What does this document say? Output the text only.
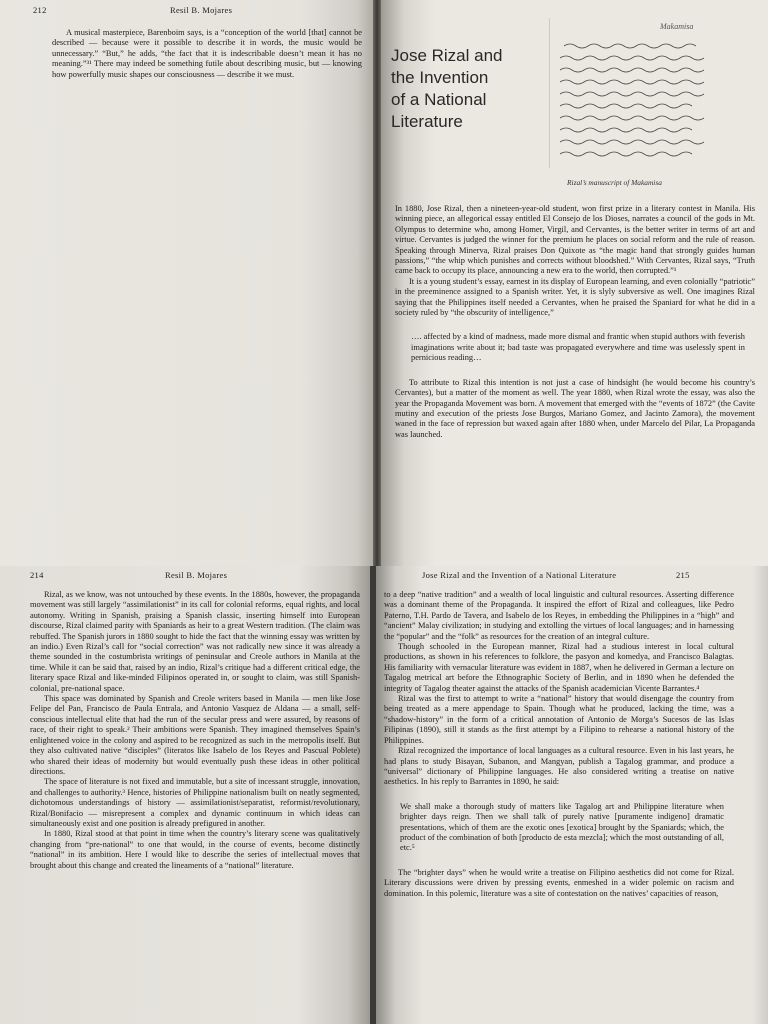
212	Resil B. Mojares

A musical masterpiece, Barenboim says, is a “conception of the world [that] cannot be described — because were it possible to describe it in words, the music would be unnecessary.” “But,” he adds, “the fact that it is indescribable doesn’t mean it has no meaning.”³¹ There may indeed be something futile about describing music, but — knowing how powerfully music shapes our consciousness — describe it we must.

Jose Rizal and
the Invention
of a National
Literature
Makamisa
Rizal’s manuscript of Makamisa

In 1880, Jose Rizal, then a nineteen-year-old student, won first prize in a literary contest in Manila. His winning piece, an allegorical essay entitled El Consejo de los Dioses, narrates a council of the gods in Mt. Olympus to determine who, among Homer, Virgil, and Cervantes, is the better writer in terms of art and virtue. Cervantes is judged the winner for the premium he places on social reform and the rule of reason. Speaking through Minerva, Rizal praises Don Quixote as “the magic hand that strongly guides human passions,” “the whip which punishes and corrects without bloodshed.” With Cervantes, Rizal says, “Truth came back to occupy its place, announcing a new era to the world, then corrupted.”¹

It is a young student’s essay, earnest in its display of European learning, and even colonially “patriotic” in the preeminence assigned to a Spanish writer. Yet, it is slyly subversive as well. One imagines Rizal saying that the Philippines itself needed a Cervantes, when he praised the Spaniard for what he did in a society ruled by “the obscurity of intelligence,”

…. affected by a kind of madness, made more dismal and frantic when stupid authors with feverish imaginations write about it; bad taste was propagated everywhere and time was uselessly spent in pernicious reading…

To attribute to Rizal this intention is not just a case of hindsight (he would become his country’s Cervantes), but a matter of the moment as well. The year 1880, when Rizal wrote the essay, was also the year the Propaganda Movement was born. A movement that emerged with the “events of 1872” (the Cavite mutiny and execution of the priests Jose Burgos, Mariano Gomez, and Jacinto Zamora), the movement waned in the face of repression but waxed again after 1880 when, under Marcelo del Pilar, La Propaganda was launched.

214	Resil B. Mojares

Rizal, as we know, was not untouched by these events. In the 1880s, however, the propaganda movement was still largely “assimilationist” in its call for colonial reforms, equal rights, and local autonomy. Writing in Spanish, praising a Spanish classic, inserting himself into European discourse, Rizal claimed parity with Spaniards as heir to a great Western tradition. (The claim was rebuffed. The Spanish jurors in 1880 sought to hide the fact that the winning essay was written by an indio.) Even Rizal’s call for “social correction” was not radically new since it was already a theme sounded in the costumbrista writings of peninsular and Creole authors in Manila at the time. While it can be said that, raised by an indio, Rizal’s critique had a different critical edge, the literary space Rizal and like-minded Filipinos operated in, or sought to claim, was still Spanish-colonial, pre-national space.

This space was dominated by Spanish and Creole writers based in Manila — men like Jose Felipe del Pan, Francisco de Paula Entrala, and Antonio Vasquez de Aldana — a small, self-conscious intellectual elite that had the run of the secular press and were assured, by reasons of race, of their right to speak.² Their ambitions were Spanish. They imagined themselves Spain’s enlightened voice in the colony and aspired to be recognized as such in the metropolis itself. But they also cultivated native “disciples” (literatos like Isabelo de los Reyes and Pascual Poblete) who shared their ideas of modernity but would eventually push these ideas in other political directions.

The space of literature is not fixed and immutable, but a site of incessant struggle, innovation, and challenges to authority.³ Hence, histories of Philippine nationalism built on neatly segmented, dichotomous understandings of history — assimilationist/separatist, reformist/revolutionary, Rizal/Bonifacio — misrepresent a complex and dynamic continuum in which ideas can simultaneously exist and one position is already prefigured in another.

In 1880, Rizal stood at that point in time when the country’s literary scene was qualitatively changing from “pre-national” to one that would, in the course of events, become distinctly “national” in its ambition. Here I would like to describe the series of intellectual moves that brought about this change and created the lineaments of a “national” literature.

Jose Rizal and the Invention of a National Literature	215

to a deep “native tradition” and a wealth of local linguistic and cultural resources. Asserting difference was a dominant theme of the Propaganda. It inspired the effort of Rizal and colleagues, like Pedro Paterno, T.H. Pardo de Tavera, and Isabelo de los Reyes, in embedding the Philippines in a “high” and “ancient” Malay civilization; in studying and extolling the virtues of local languages; and in harnessing the “popular” and the “folk” as resources for the creation of an integral culture.

Though schooled in the European manner, Rizal had a studious interest in local cultural productions, as shown in his references to folklore, the pasyon and komedya, and Francisco Balagtas. His familiarity with vernacular literature was evident in 1887, when he delivered in German a lecture on Tagalog metrical art before the Ethnographic Society of Berlin, and in 1890 when he defended the integrity of Tagalog theater against the attacks of the Spanish academician Vicente Barrantes.⁴

Rizal was the first to attempt to write a “national” history that would disengage the country from being treated as a mere appendage to Spain. Though what he produced, lacking the time, was a “shadow-history” in the form of a critical annotation of Antonio de Morga’s Sucesos de las Islas Filipinas (1890), still it stands as the first attempt by a Filipino to rehearse a national history of the Philippines.

Rizal recognized the importance of local languages as a cultural resource. Even in his last years, he had plans to study Bisayan, Subanon, and Mangyan, publish a Tagalog grammar, and produce a “universal” dictionary of Philippine languages. He also considered writing a treatise on native aesthetics. In his reply to Barrantes in 1890, he said:

We shall make a thorough study of matters like Tagalog art and Philippine literature when brighter days reign. Then we shall talk of purely native [puramente indigeno] dramatic presentations, which of them are the exotic ones [exotica] brought by the Spaniards; which, the product of the combination of both [producto de esta mezcla]; which the most outstanding of all, etc.⁵

The “brighter days” when he would write a treatise on Filipino aesthetics did not come for Rizal. Literary discussions were driven by pressing events, enmeshed in a wider polemic on racism and domination. In this polemic, literature was a site of contestation on the natives’ capacities of reason,
